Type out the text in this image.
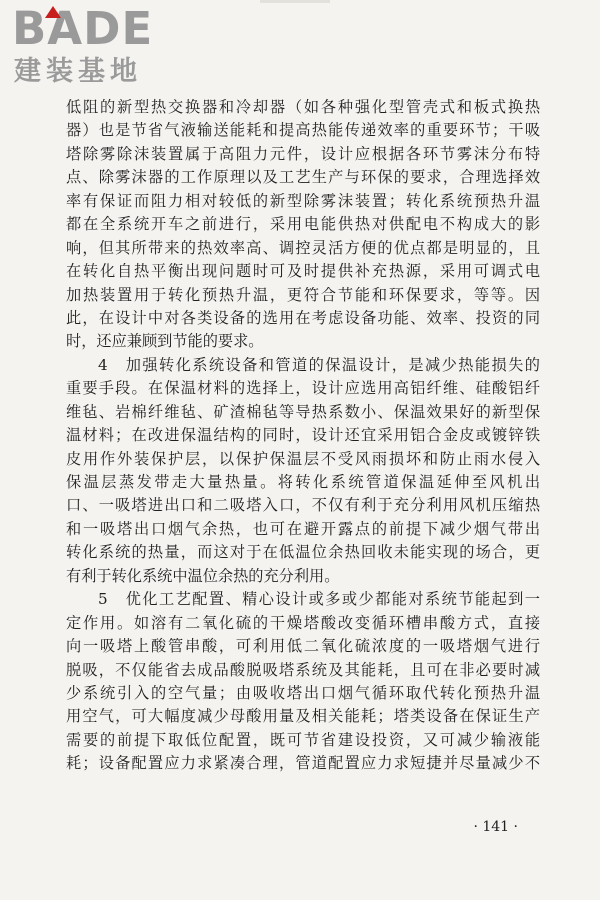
BADE
建装基地
低阻的新型热交换器和冷却器（如各种强化型管壳式和板式换热
器）也是节省气液输送能耗和提高热能传递效率的重要环节；干吸
塔除雾除沫装置属于高阻力元件，设计应根据各环节雾沫分布特
点、除雾沫器的工作原理以及工艺生产与环保的要求，合理选择效
率有保证而阻力相对较低的新型除雾沫装置；转化系统预热升温
都在全系统开车之前进行，采用电能供热对供配电不构成大的影
响，但其所带来的热效率高、调控灵活方便的优点都是明显的，且
在转化自热平衡出现问题时可及时提供补充热源，采用可调式电
加热装置用于转化预热升温，更符合节能和环保要求，等等。因
此，在设计中对各类设备的选用在考虑设备功能、效率、投资的同
时，还应兼顾到节能的要求。
4　加强转化系统设备和管道的保温设计，是减少热能损失的
重要手段。在保温材料的选择上，设计应选用高铝纤维、硅酸铝纤
维毡、岩棉纤维毡、矿渣棉毡等导热系数小、保温效果好的新型保
温材料；在改进保温结构的同时，设计还宜采用铝合金皮或镀锌铁
皮用作外装保护层，以保护保温层不受风雨损坏和防止雨水侵入
保温层蒸发带走大量热量。将转化系统管道保温延伸至风机出
口、一吸塔进出口和二吸塔入口，不仅有利于充分利用风机压缩热
和一吸塔出口烟气余热，也可在避开露点的前提下减少烟气带出
转化系统的热量，而这对于在低温位余热回收未能实现的场合，更
有利于转化系统中温位余热的充分利用。
5　优化工艺配置、精心设计或多或少都能对系统节能起到一
定作用。如溶有二氧化硫的干燥塔酸改变循环槽串酸方式，直接
向一吸塔上酸管串酸，可利用低二氧化硫浓度的一吸塔烟气进行
脱吸，不仅能省去成品酸脱吸塔系统及其能耗，且可在非必要时减
少系统引入的空气量；由吸收塔出口烟气循环取代转化预热升温
用空气，可大幅度减少母酸用量及相关能耗；塔类设备在保证生产
需要的前提下取低位配置，既可节省建设投资，又可减少输液能
耗；设备配置应力求紧凑合理，管道配置应力求短捷并尽量减少不
· 141 ·
